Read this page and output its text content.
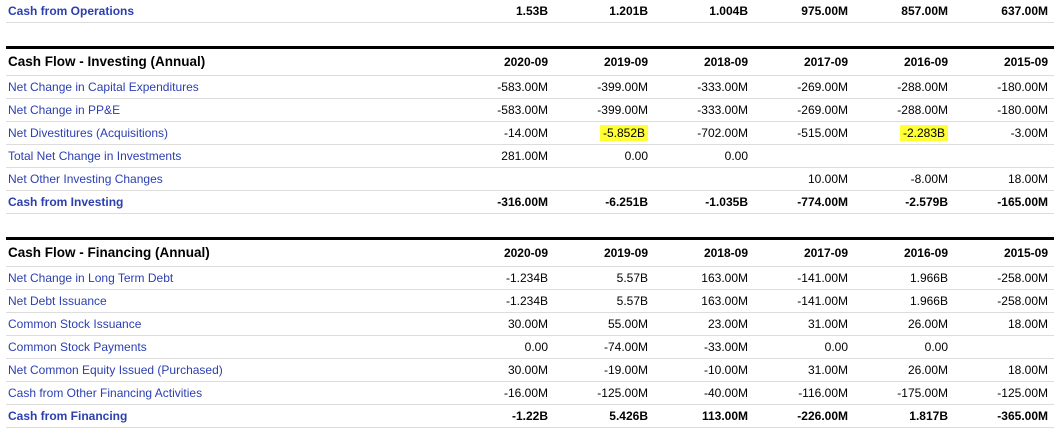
Cash from Operations	1.53B	1.201B	1.004B	975.00M	857.00M	637.00M

Cash Flow - Investing (Annual)	2020-09	2019-09	2018-09	2017-09	2016-09	2015-09
Net Change in Capital Expenditures	-583.00M	-399.00M	-333.00M	-269.00M	-288.00M	-180.00M
Net Change in PP&E	-583.00M	-399.00M	-333.00M	-269.00M	-288.00M	-180.00M
Net Divestitures (Acquisitions)	-14.00M	-5.852B	-702.00M	-515.00M	-2.283B	-3.00M
Total Net Change in Investments	281.00M	0.00	0.00			
Net Other Investing Changes				10.00M	-8.00M	18.00M
Cash from Investing	-316.00M	-6.251B	-1.035B	-774.00M	-2.579B	-165.00M

Cash Flow - Financing (Annual)	2020-09	2019-09	2018-09	2017-09	2016-09	2015-09
Net Change in Long Term Debt	-1.234B	5.57B	163.00M	-141.00M	1.966B	-258.00M
Net Debt Issuance	-1.234B	5.57B	163.00M	-141.00M	1.966B	-258.00M
Common Stock Issuance	30.00M	55.00M	23.00M	31.00M	26.00M	18.00M
Common Stock Payments	0.00	-74.00M	-33.00M	0.00	0.00	
Net Common Equity Issued (Purchased)	30.00M	-19.00M	-10.00M	31.00M	26.00M	18.00M
Cash from Other Financing Activities	-16.00M	-125.00M	-40.00M	-116.00M	-175.00M	-125.00M
Cash from Financing	-1.22B	5.426B	113.00M	-226.00M	1.817B	-365.00M
